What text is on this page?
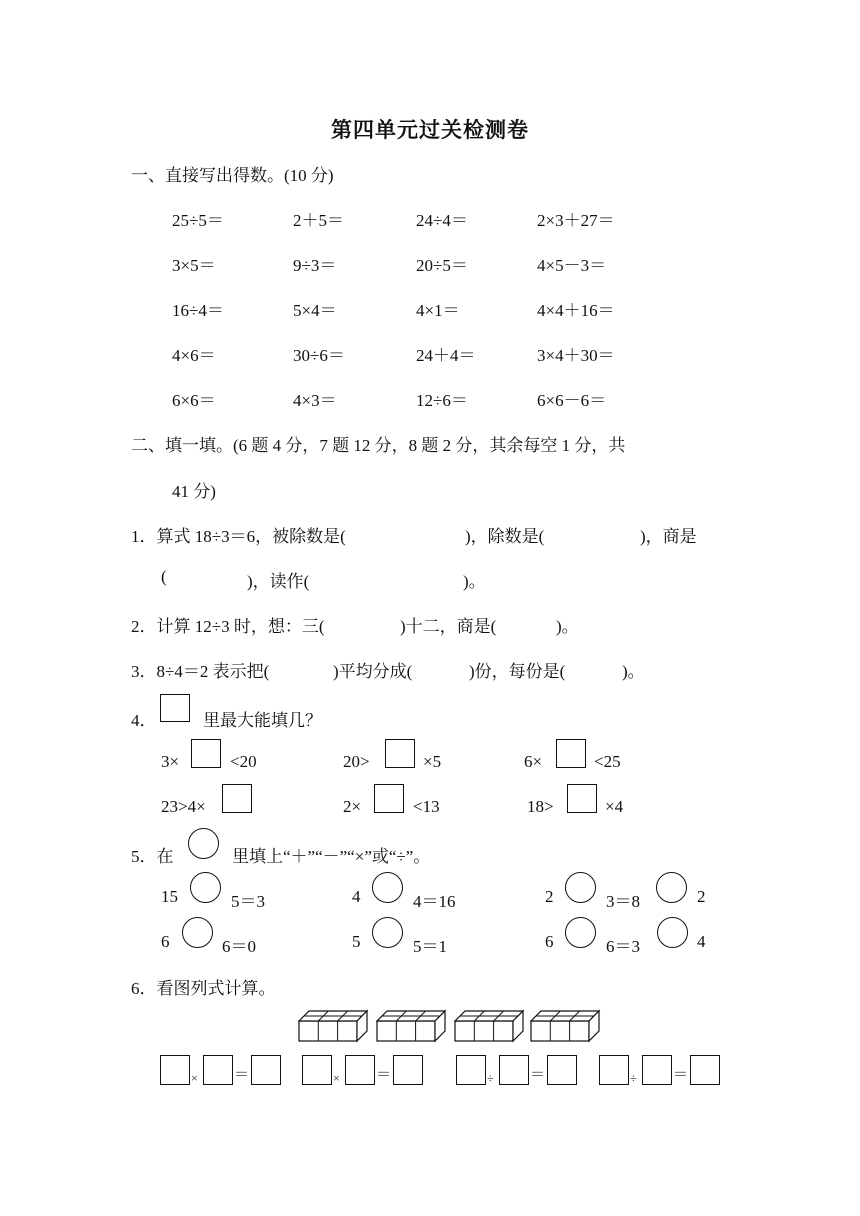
第四单元过关检测卷
一、直接写出得数。(10 分)
25÷5＝	2＋5＝	24÷4＝	2×3＋27＝
3×5＝	9÷3＝	20÷5＝	4×5－3＝
16÷4＝	5×4＝	4×1＝	4×4＋16＝
4×6＝	30÷6＝	24＋4＝	3×4＋30＝
6×6＝	4×3＝	12÷6＝	6×6－6＝
二、填一填。(6 题 4 分，7 题 12 分，8 题 2 分，其余每空 1 分，共
41 分)
1．算式 18÷3＝6，被除数是(	)，除数是(	)，商是
(	)，读作(	)。
2．计算 12÷3 时，想：三(	)十二，商是(	)。
3．8÷4＝2 表示把(	)平均分成(	)份，每份是(	)。
4．	里最大能填几？
3×	<20	20>	×5	6×	<25
23>4×	2×	<13	18>	×4
5．在	里填上“＋”“－”“×”或“÷”。
15	5＝3	4	4＝16	2	3＝8	2
6	6＝0	5	5＝1	6	6＝3	4
6．看图列式计算。
× ＝	× ＝	÷ ＝	÷ ＝
